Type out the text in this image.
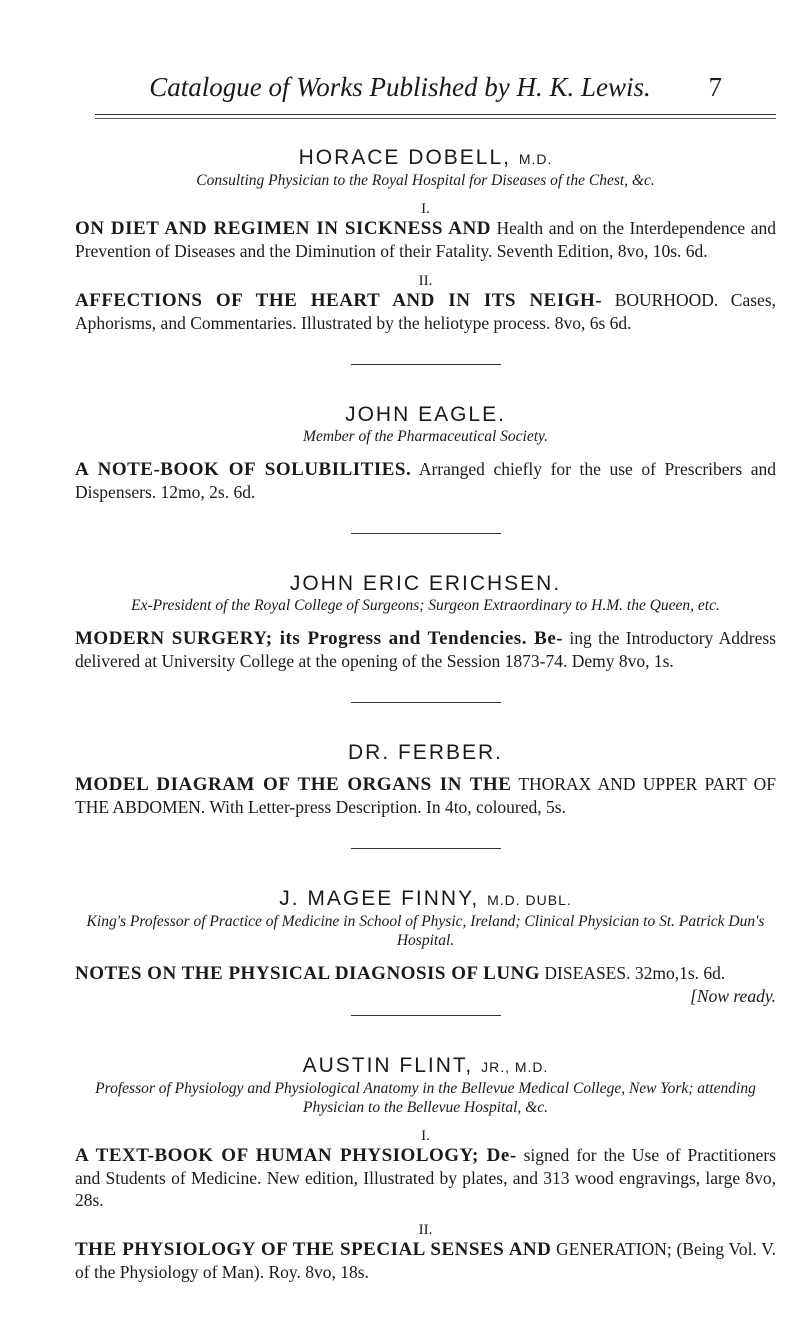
Catalogue of Works Published by H. K. Lewis.	7

HORACE DOBELL, M.D.

Consulting Physician to the Royal Hospital for Diseases of the Chest, &c.

I.

ON DIET AND REGIMEN IN SICKNESS AND Health and on the Interdependence and Prevention of Diseases and the Diminution of their Fatality. Seventh Edition, 8vo, 10s. 6d.

II.

AFFECTIONS OF THE HEART AND IN ITS NEIGH- BOURHOOD. Cases, Aphorisms, and Commentaries. Illustrated by the heliotype process. 8vo, 6s 6d.

JOHN EAGLE.

Member of the Pharmaceutical Society.

A NOTE-BOOK OF SOLUBILITIES. Arranged chiefly for the use of Prescribers and Dispensers. 12mo, 2s. 6d.

JOHN ERIC ERICHSEN.

Ex-President of the Royal College of Surgeons; Surgeon Extraordinary to H.M. the Queen, etc.

MODERN SURGERY; its Progress and Tendencies. Be- ing the Introductory Address delivered at University College at the opening of the Session 1873-74. Demy 8vo, 1s.

DR. FERBER.

MODEL DIAGRAM OF THE ORGANS IN THE THORAX AND UPPER PART OF THE ABDOMEN. With Letter-press Description. In 4to, coloured, 5s.

J. MAGEE FINNY, M.D. DUBL.

King's Professor of Practice of Medicine in School of Physic, Ireland; Clinical Physician to St. Patrick Dun's Hospital.

NOTES ON THE PHYSICAL DIAGNOSIS OF LUNG DISEASES. 32mo,1s. 6d.
[Now ready.

AUSTIN FLINT, JR., M.D.

Professor of Physiology and Physiological Anatomy in the Bellevue Medical College, New York; attending Physician to the Bellevue Hospital, &c.

I.

A TEXT-BOOK OF HUMAN PHYSIOLOGY; De- signed for the Use of Practitioners and Students of Medicine. New edition, Illustrated by plates, and 313 wood engravings, large 8vo, 28s.

II.

THE PHYSIOLOGY OF THE SPECIAL SENSES AND GENERATION; (Being Vol. V. of the Physiology of Man). Roy. 8vo, 18s.
